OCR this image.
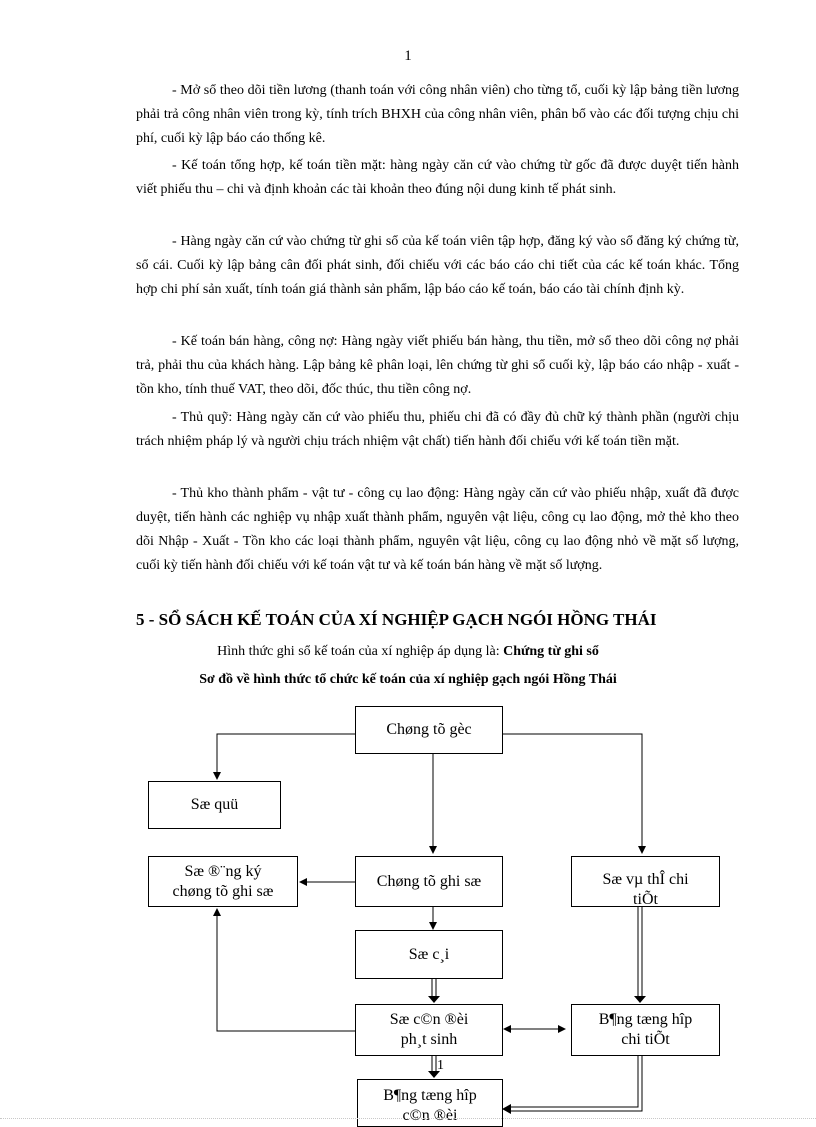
1

- Mở sổ theo dõi tiền lương (thanh toán với công nhân viên) cho từng tổ, cuối kỳ lập bảng tiền lương phải trả công nhân viên trong kỳ, tính trích BHXH của công nhân viên, phân bổ vào các đối tượng chịu chi phí, cuối kỳ lập báo cáo thống kê.

- Kế toán tổng hợp, kế toán tiền mặt: hàng ngày căn cứ vào chứng từ gốc đã được duyệt tiến hành viết phiếu thu – chi và định khoản các tài khoản theo đúng nội dung kinh tế phát sinh.

- Hàng ngày căn cứ vào chứng từ ghi sổ của kế toán viên tập hợp, đăng ký vào sổ đăng ký chứng từ, sổ cái. Cuối kỳ lập bảng cân đối phát sinh, đối chiếu với các báo cáo chi tiết của các kế toán khác. Tổng hợp chi phí sản xuất, tính toán giá thành sản phẩm, lập báo cáo kế toán, báo cáo tài chính định kỳ.

- Kế toán bán hàng, công nợ: Hàng ngày viết phiếu bán hàng, thu tiền, mở sổ theo dõi công nợ phải trả, phải thu của khách hàng. Lập bảng kê phân loại, lên chứng từ ghi sổ cuối kỳ, lập báo cáo nhập - xuất - tồn kho, tính thuế VAT, theo dõi, đốc thúc, thu tiền công nợ.

- Thủ quỹ: Hàng ngày căn cứ vào phiếu thu, phiếu chi đã có đầy đủ chữ ký thành phần (người chịu trách nhiệm pháp lý và người chịu trách nhiệm vật chất) tiến hành đối chiếu với kế toán tiền mặt.

- Thủ kho thành phẩm - vật tư - công cụ lao động: Hàng ngày căn cứ vào phiếu nhập, xuất đã được duyệt, tiến hành các nghiệp vụ nhập xuất thành phẩm, nguyên vật liệu, công cụ lao động, mở thẻ kho theo dõi Nhập - Xuất - Tồn kho các loại thành phẩm, nguyên vật liệu, công cụ lao động nhỏ về mặt số lượng, cuối kỳ tiến hành đối chiếu với kế toán vật tư và kế toán bán hàng về mặt số lượng.

5 - SỔ SÁCH KẾ TOÁN CỦA XÍ NGHIỆP GẠCH NGÓI HỒNG THÁI

Hình thức ghi sổ kế toán của xí nghiệp áp dụng là: Chứng từ ghi sổ

Sơ đồ về hình thức tổ chức kế toán của xí nghiệp gạch ngói Hồng Thái

Chøng tõ gèc
Sæ quü
Sæ ®¨ng ký
chøng tõ ghi sæ
Chøng tõ ghi sæ	Sæ vµ thÎ chi
tiÕt
Sæ c¸i
Sæ c©n ®èi
ph¸t sinh
B¶ng tæng hîp
chi tiÕt
B¶ng tæng hîp
c©n ®èi
1
